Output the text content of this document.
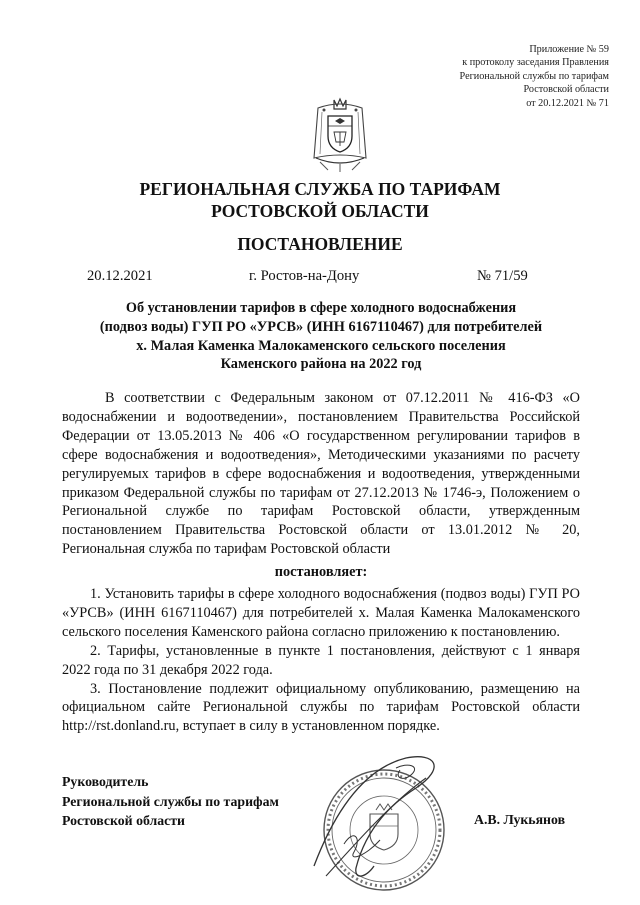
Приложение № 59
к протоколу заседания Правления
Региональной службы по тарифам
Ростовской области
от 20.12.2021 № 71
РЕГИОНАЛЬНАЯ СЛУЖБА ПО ТАРИФАМ
РОСТОВСКОЙ ОБЛАСТИ
ПОСТАНОВЛЕНИЕ
20.12.2021	г. Ростов-на-Дону	№ 71/59
Об установлении тарифов в сфере холодного водоснабжения
(подвоз воды) ГУП РО «УРСВ» (ИНН 6167110467) для потребителей
х. Малая Каменка Малокаменского сельского поселения
Каменского района на 2022 год

В соответствии с Федеральным законом от 07.12.2011 № 416-ФЗ «О водоснабжении и водоотведении», постановлением Правительства Российской Федерации от 13.05.2013 № 406 «О государственном регулировании тарифов в сфере водоснабжения и водоотведения», Методическими указаниями по расчету регулируемых тарифов в сфере водоснабжения и водоотведения, утвержденными приказом Федеральной службы по тарифам от 27.12.2013 № 1746-э, Положением о Региональной службе по тарифам Ростовской области, утвержденным постановлением Правительства Ростовской области от 13.01.2012 № 20, Региональная служба по тарифам Ростовской области

постановляет:

1. Установить тарифы в сфере холодного водоснабжения (подвоз воды) ГУП РО «УРСВ» (ИНН 6167110467) для потребителей х. Малая Каменка Малокаменского сельского поселения Каменского района согласно приложению к постановлению.

2. Тарифы, установленные в пункте 1 постановления, действуют с 1 января 2022 года по 31 декабря 2022 года.

3. Постановление подлежит официальному опубликованию, размещению на официальном сайте Региональной службы по тарифам Ростовской области http://rst.donland.ru, вступает в силу в установленном порядке.

Руководитель
Региональной службы по тарифам
Ростовской области	А.В. Лукьянов
